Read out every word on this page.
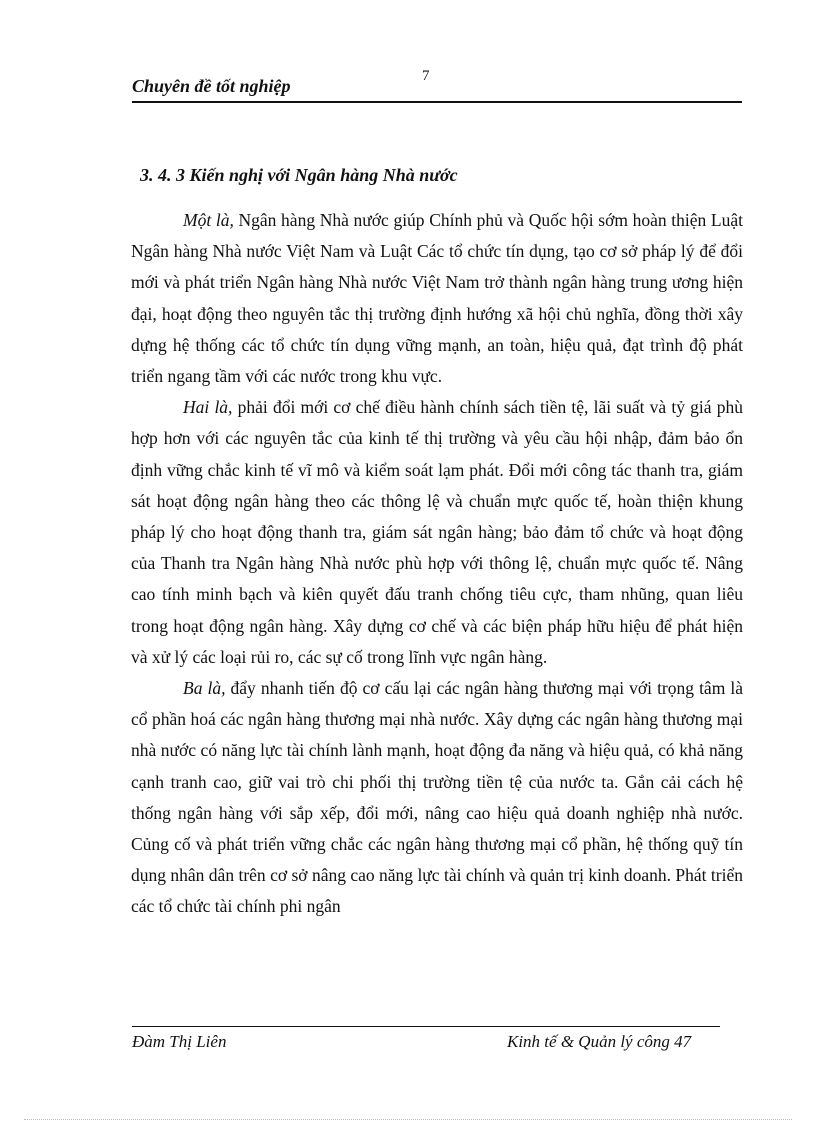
Chuyên đề tốt nghiệp	7
3. 4. 3 Kiến nghị với Ngân hàng Nhà nước

Một là, Ngân hàng Nhà nước giúp Chính phủ và Quốc hội sớm hoàn thiện Luật Ngân hàng Nhà nước Việt Nam và Luật Các tổ chức tín dụng, tạo cơ sở pháp lý để đổi mới và phát triển Ngân hàng Nhà nước Việt Nam trở thành ngân hàng trung ương hiện đại, hoạt động theo nguyên tắc thị trường định hướng xã hội chủ nghĩa, đồng thời xây dựng hệ thống các tổ chức tín dụng vững mạnh, an toàn, hiệu quả, đạt trình độ phát triển ngang tầm với các nước trong khu vực.

Hai là, phải đổi mới cơ chế điều hành chính sách tiền tệ, lãi suất và tỷ giá phù hợp hơn với các nguyên tắc của kinh tế thị trường và yêu cầu hội nhập, đảm bảo ổn định vững chắc kinh tế vĩ mô và kiểm soát lạm phát. Đổi mới công tác thanh tra, giám sát hoạt động ngân hàng theo các thông lệ và chuẩn mực quốc tế, hoàn thiện khung pháp lý cho hoạt động thanh tra, giám sát ngân hàng; bảo đảm tổ chức và hoạt động của Thanh tra Ngân hàng Nhà nước phù hợp với thông lệ, chuẩn mực quốc tế. Nâng cao tính minh bạch và kiên quyết đấu tranh chống tiêu cực, tham nhũng, quan liêu trong hoạt động ngân hàng. Xây dựng cơ chế và các biện pháp hữu hiệu để phát hiện và xử lý các loại rủi ro, các sự cố trong lĩnh vực ngân hàng.

Ba là, đẩy nhanh tiến độ cơ cấu lại các ngân hàng thương mại với trọng tâm là cổ phần hoá các ngân hàng thương mại nhà nước. Xây dựng các ngân hàng thương mại nhà nước có năng lực tài chính lành mạnh, hoạt động đa năng và hiệu quả, có khả năng cạnh tranh cao, giữ vai trò chi phối thị trường tiền tệ của nước ta. Gắn cải cách hệ thống ngân hàng với sắp xếp, đổi mới, nâng cao hiệu quả doanh nghiệp nhà nước. Củng cố và phát triển vững chắc các ngân hàng thương mại cổ phần, hệ thống quỹ tín dụng nhân dân trên cơ sở nâng cao năng lực tài chính và quản trị kinh doanh. Phát triển các tổ chức tài chính phi ngân

Đàm Thị Liên	Kinh tế & Quản lý công 47
